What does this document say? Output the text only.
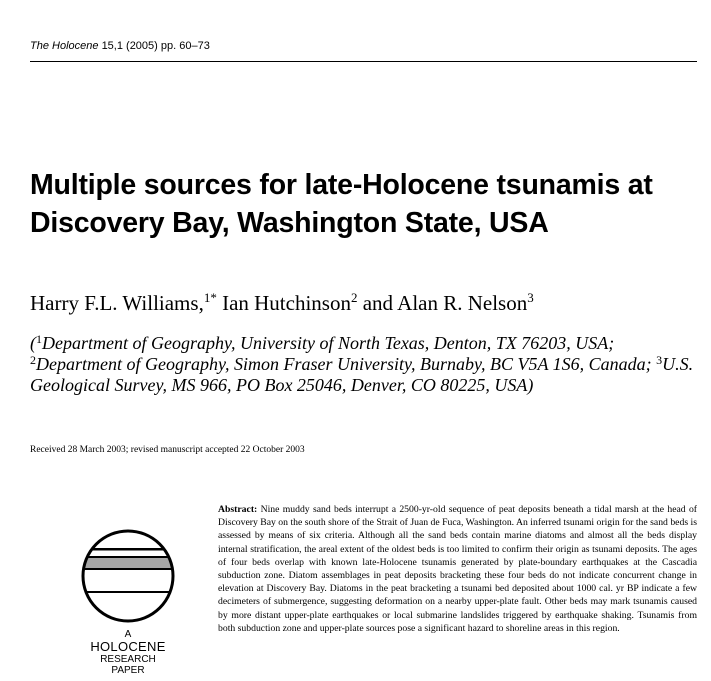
The Holocene 15,1 (2005) pp. 60–73
Multiple sources for late-Holocene tsunamis at Discovery Bay, Washington State, USA

Harry F.L. Williams,$^{1*}$ Ian Hutchinson$^2$ and Alan R. Nelson$^3$

($^1$Department of Geography, University of North Texas, Denton, TX 76203, USA; $^2$Department of Geography, Simon Fraser University, Burnaby, BC V5A 1S6, Canada; $^3$U.S. Geological Survey, MS 966, PO Box 25046, Denver, CO 80225, USA)

Received 28 March 2003; revised manuscript accepted 22 October 2003
A
HOLOCENE
RESEARCH
PAPER

Abstract: Nine muddy sand beds interrupt a 2500-yr-old sequence of peat deposits beneath a tidal marsh at the head of Discovery Bay on the south shore of the Strait of Juan de Fuca, Washington. An inferred tsunami origin for the sand beds is assessed by means of six criteria. Although all the sand beds contain marine diatoms and almost all the beds display internal stratification, the areal extent of the oldest beds is too limited to confirm their origin as tsunami deposits. The ages of four beds overlap with known late-Holocene tsunamis generated by plate-boundary earthquakes at the Cascadia subduction zone. Diatom assemblages in peat deposits bracketing these four beds do not indicate concurrent change in elevation at Discovery Bay. Diatoms in the peat bracketing a tsunami bed deposited about 1000 cal. yr BP indicate a few decimeters of submergence, suggesting deformation on a nearby upper-plate fault. Other beds may mark tsunamis caused by more distant upper-plate earthquakes or local submarine landslides triggered by earthquake shaking. Tsunamis from both subduction zone and upper-plate sources pose a significant hazard to shoreline areas in this region.
